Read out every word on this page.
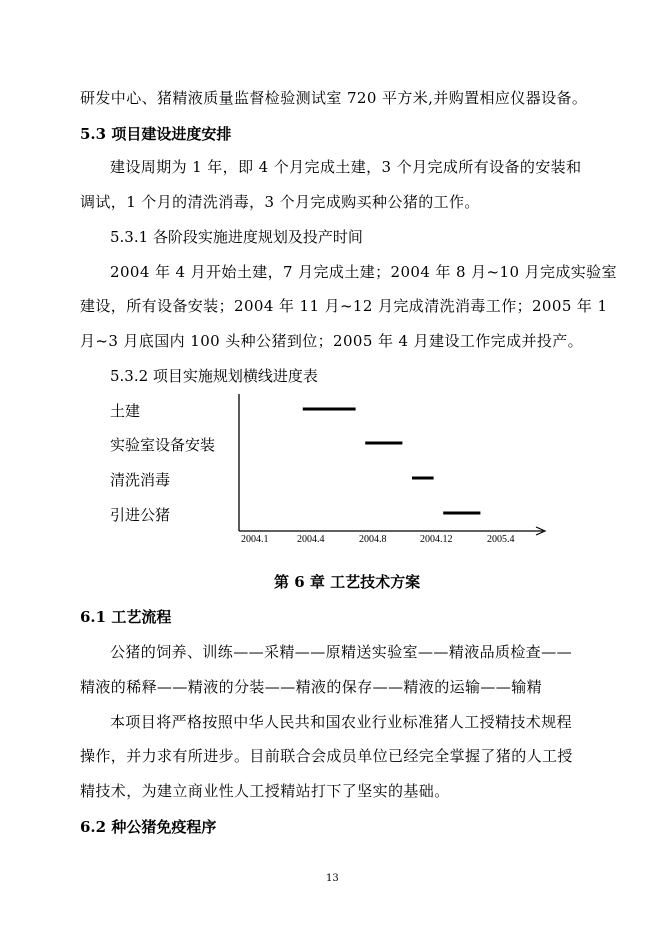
研发中心、猪精液质量监督检验测试室 720 平方米,并购置相应仪器设备。
5.3 项目建设进度安排
建设周期为 1 年，即 4 个月完成土建，3 个月完成所有设备的安装和
调试，1 个月的清洗消毒，3 个月完成购买种公猪的工作。
5.3.1 各阶段实施进度规划及投产时间
2004 年 4 月开始土建，7 月完成土建；2004 年 8 月~10 月完成实验室
建设，所有设备安装；2004 年 11 月~12 月完成清洗消毒工作；2005 年 1
月~3 月底国内 100 头种公猪到位；2005 年 4 月建设工作完成并投产。
5.3.2 项目实施规划横线进度表
土建
实验室设备安装
清洗消毒
引进公猪
2004.1	2004.4	2004.8	2004.12	2005.4
第 6 章 工艺技术方案
6.1 工艺流程
公猪的饲养、训练——采精——原精送实验室——精液品质检查——
精液的稀释——精液的分装——精液的保存——精液的运输——输精
本项目将严格按照中华人民共和国农业行业标准猪人工授精技术规程
操作，并力求有所进步。目前联合会成员单位已经完全掌握了猪的人工授
精技术，为建立商业性人工授精站打下了坚实的基础。
6.2 种公猪免疫程序
13
